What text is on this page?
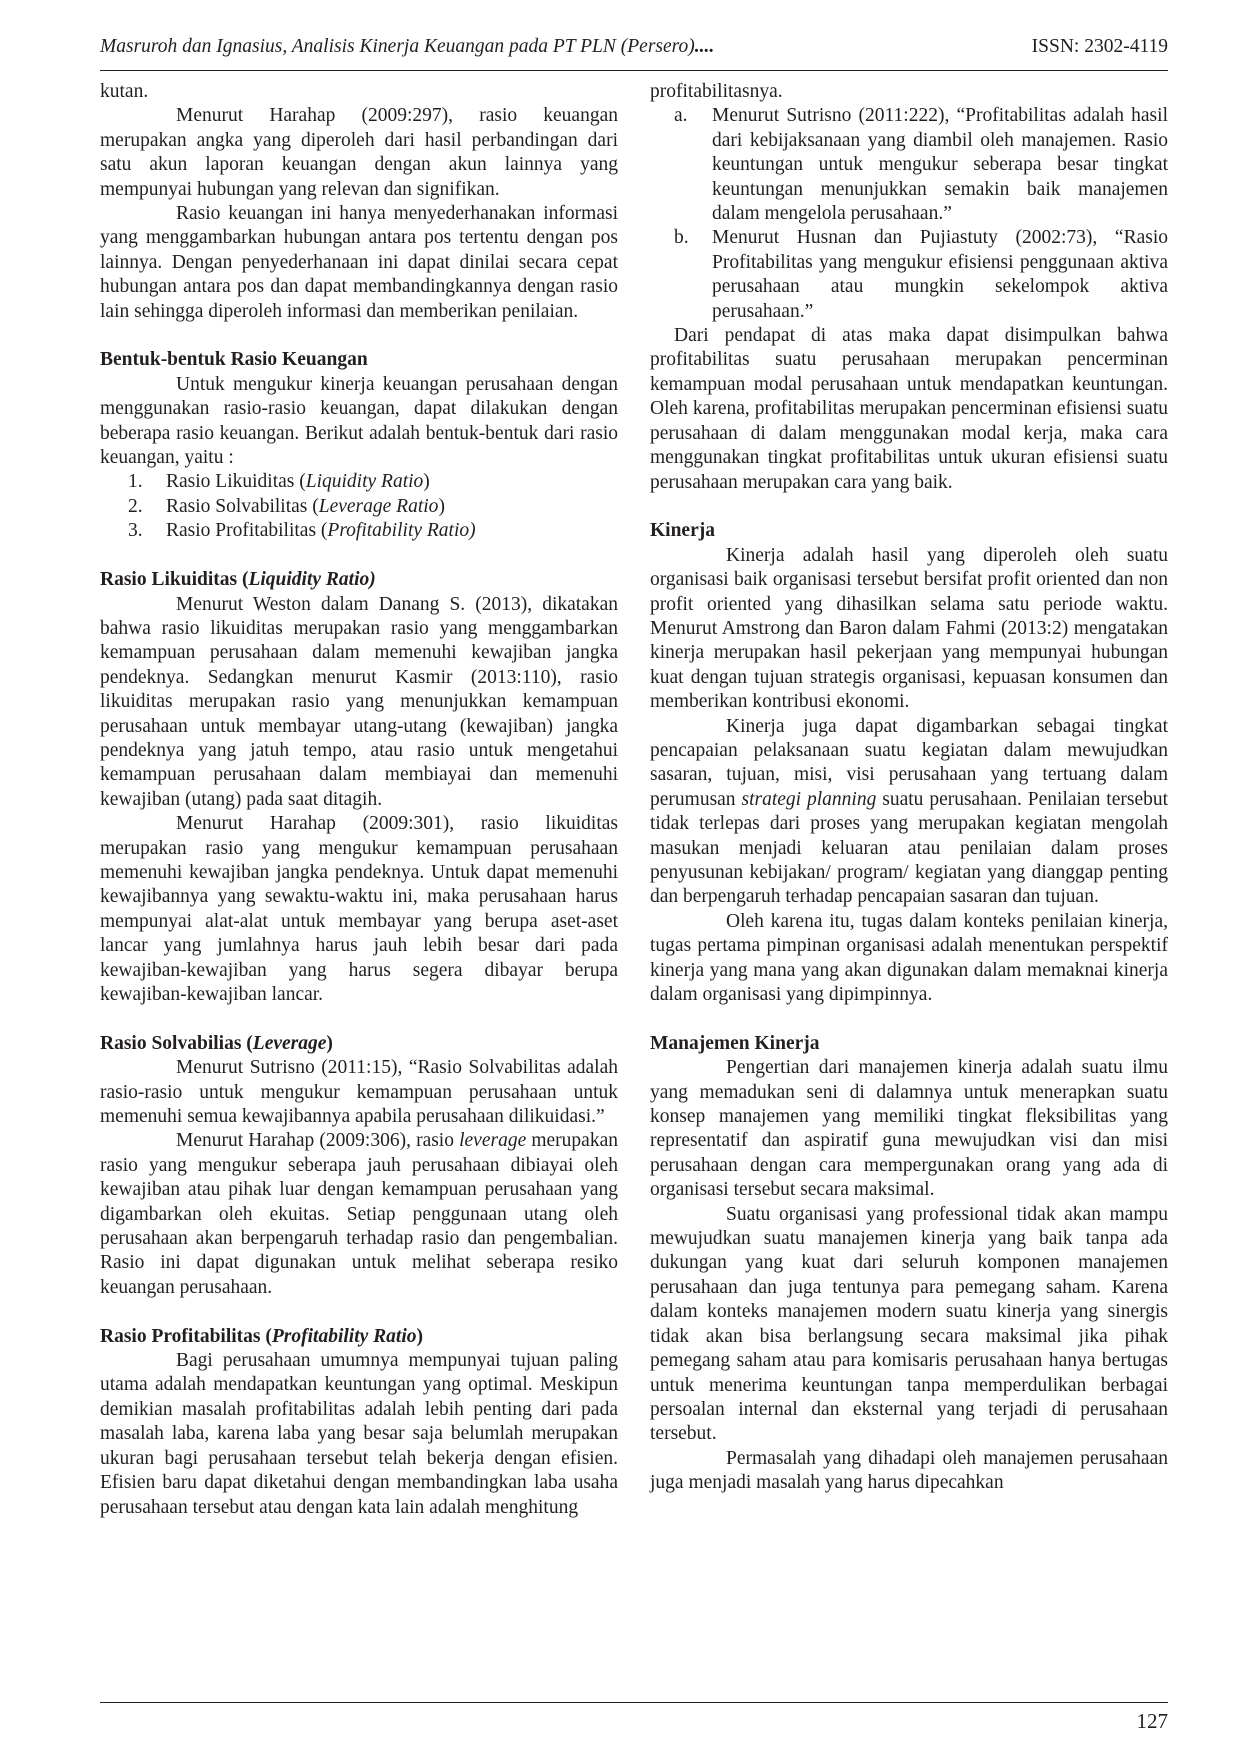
Masruroh dan Ignasius, Analisis Kinerja Keuangan pada PT PLN (Persero)....	ISSN: 2302-4119

kutan.

Menurut Harahap (2009:297), rasio keuangan merupakan angka yang diperoleh dari hasil perbandingan dari satu akun laporan keuangan dengan akun lainnya yang mempunyai hubungan yang relevan dan signifikan.

Rasio keuangan ini hanya menyederhanakan informasi yang menggambarkan hubungan antara pos tertentu dengan pos lainnya. Dengan penyederhanaan ini dapat dinilai secara cepat hubungan antara pos dan dapat membandingkannya dengan rasio lain sehingga diperoleh informasi dan memberikan penilaian.

Bentuk-bentuk Rasio Keuangan

Untuk mengukur kinerja keuangan perusahaan dengan menggunakan rasio-rasio keuangan, dapat dilakukan dengan beberapa rasio keuangan. Berikut adalah bentuk-bentuk dari rasio keuangan, yaitu :

1. Rasio Likuiditas (Liquidity Ratio)
2. Rasio Solvabilitas (Leverage Ratio)
3. Rasio Profitabilitas (Profitability Ratio)

Rasio Likuiditas (Liquidity Ratio)

Menurut Weston dalam Danang S. (2013), dikatakan bahwa rasio likuiditas merupakan rasio yang menggambarkan kemampuan perusahaan dalam memenuhi kewajiban jangka pendeknya. Sedangkan menurut Kasmir (2013:110), rasio likuiditas merupakan rasio yang menunjukkan kemampuan perusahaan untuk membayar utang-utang (kewajiban) jangka pendeknya yang jatuh tempo, atau rasio untuk mengetahui kemampuan perusahaan dalam membiayai dan memenuhi kewajiban (utang) pada saat ditagih.

Menurut Harahap (2009:301), rasio likuiditas merupakan rasio yang mengukur kemampuan perusahaan memenuhi kewajiban jangka pendeknya. Untuk dapat memenuhi kewajibannya yang sewaktu-waktu ini, maka perusahaan harus mempunyai alat-alat untuk membayar yang berupa aset-aset lancar yang jumlahnya harus jauh lebih besar dari pada kewajiban-kewajiban yang harus segera dibayar berupa kewajiban-kewajiban lancar.

Rasio Solvabilias (Leverage)

Menurut Sutrisno (2011:15), “Rasio Solvabilitas adalah rasio-rasio untuk mengukur kemampuan perusahaan untuk memenuhi semua kewajibannya apabila perusahaan dilikuidasi.”

Menurut Harahap (2009:306), rasio leverage merupakan rasio yang mengukur seberapa jauh perusahaan dibiayai oleh kewajiban atau pihak luar dengan kemampuan perusahaan yang digambarkan oleh ekuitas. Setiap penggunaan utang oleh perusahaan akan berpengaruh terhadap rasio dan pengembalian. Rasio ini dapat digunakan untuk melihat seberapa resiko keuangan perusahaan.

Rasio Profitabilitas (Profitability Ratio)

Bagi perusahaan umumnya mempunyai tujuan paling utama adalah mendapatkan keuntungan yang optimal. Meskipun demikian masalah profitabilitas adalah lebih penting dari pada masalah laba, karena laba yang besar saja belumlah merupakan ukuran bagi perusahaan tersebut telah bekerja dengan efisien. Efisien baru dapat diketahui dengan membandingkan laba usaha perusahaan tersebut atau dengan kata lain adalah menghitung

profitabilitasnya.

a. Menurut Sutrisno (2011:222), “Profitabilitas adalah hasil dari kebijaksanaan yang diambil oleh manajemen. Rasio keuntungan untuk mengukur seberapa besar tingkat keuntungan menunjukkan semakin baik manajemen dalam mengelola perusahaan.”
b. Menurut Husnan dan Pujiastuty (2002:73), “Rasio Profitabilitas yang mengukur efisiensi penggunaan aktiva perusahaan atau mungkin sekelompok aktiva perusahaan.”

Dari pendapat di atas maka dapat disimpulkan bahwa profitabilitas suatu perusahaan merupakan pencerminan kemampuan modal perusahaan untuk mendapatkan keuntungan. Oleh karena, profitabilitas merupakan pencerminan efisiensi suatu perusahaan di dalam menggunakan modal kerja, maka cara menggunakan tingkat profitabilitas untuk ukuran efisiensi suatu perusahaan merupakan cara yang baik.

Kinerja

Kinerja adalah hasil yang diperoleh oleh suatu organisasi baik organisasi tersebut bersifat profit oriented dan non profit oriented yang dihasilkan selama satu periode waktu. Menurut Amstrong dan Baron dalam Fahmi (2013:2) mengatakan kinerja merupakan hasil pekerjaan yang mempunyai hubungan kuat dengan tujuan strategis organisasi, kepuasan konsumen dan memberikan kontribusi ekonomi.

Kinerja juga dapat digambarkan sebagai tingkat pencapaian pelaksanaan suatu kegiatan dalam mewujudkan sasaran, tujuan, misi, visi perusahaan yang tertuang dalam perumusan strategi planning suatu perusahaan. Penilaian tersebut tidak terlepas dari proses yang merupakan kegiatan mengolah masukan menjadi keluaran atau penilaian dalam proses penyusunan kebijakan/ program/ kegiatan yang dianggap penting dan berpengaruh terhadap pencapaian sasaran dan tujuan.

Oleh karena itu, tugas dalam konteks penilaian kinerja, tugas pertama pimpinan organisasi adalah menentukan perspektif kinerja yang mana yang akan digunakan dalam memaknai kinerja dalam organisasi yang dipimpinnya.

Manajemen Kinerja

Pengertian dari manajemen kinerja adalah suatu ilmu yang memadukan seni di dalamnya untuk menerapkan suatu konsep manajemen yang memiliki tingkat fleksibilitas yang representatif dan aspiratif guna mewujudkan visi dan misi perusahaan dengan cara mempergunakan orang yang ada di organisasi tersebut secara maksimal.

Suatu organisasi yang professional tidak akan mampu mewujudkan suatu manajemen kinerja yang baik tanpa ada dukungan yang kuat dari seluruh komponen manajemen perusahaan dan juga tentunya para pemegang saham. Karena dalam konteks manajemen modern suatu kinerja yang sinergis tidak akan bisa berlangsung secara maksimal jika pihak pemegang saham atau para komisaris perusahaan hanya bertugas untuk menerima keuntungan tanpa memperdulikan berbagai persoalan internal dan eksternal yang terjadi di perusahaan tersebut.

Permasalah yang dihadapi oleh manajemen perusahaan juga menjadi masalah yang harus dipecahkan

127
